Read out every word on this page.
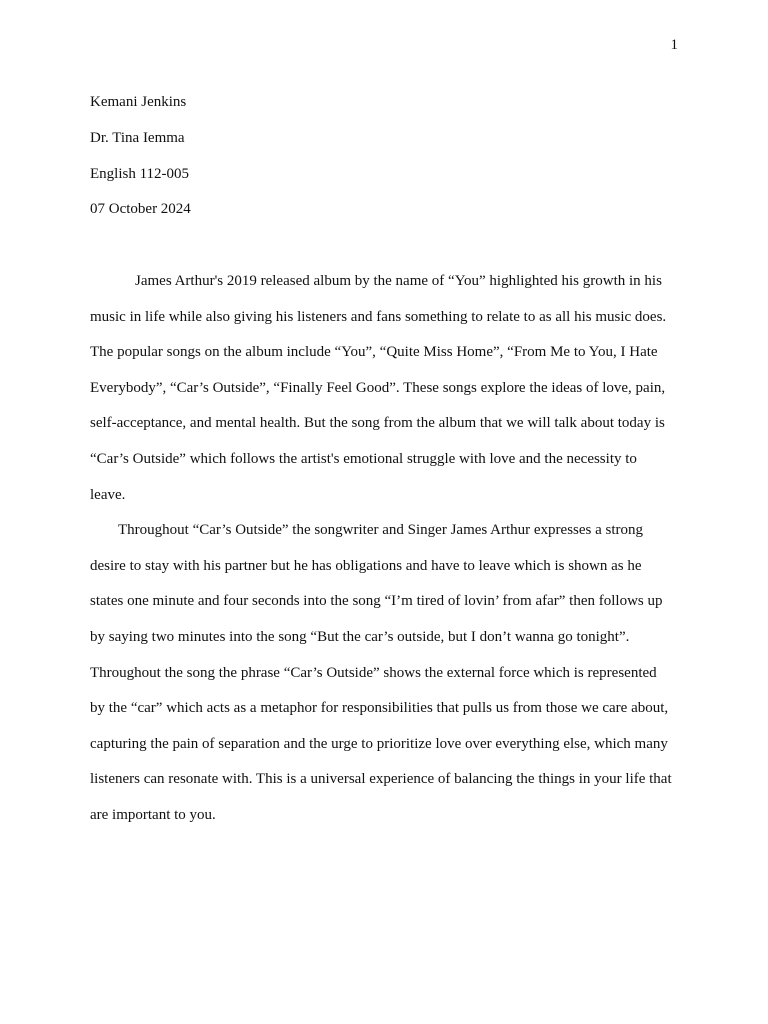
1
Kemani Jenkins
Dr. Tina Iemma
English 112-005
07 October 2024
James Arthur's 2019 released album by the name of “You” highlighted his growth in his
music in life while also giving his listeners and fans something to relate to as all his music does.
The popular songs on the album include “You”, “Quite Miss Home”, “From Me to You, I Hate
Everybody”, “Car’s Outside”, “Finally Feel Good”. These songs explore the ideas of love, pain,
self-acceptance, and mental health. But the song from the album that we will talk about today is
“Car’s Outside” which follows the artist's emotional struggle with love and the necessity to
leave.
Throughout “Car’s Outside” the songwriter and Singer James Arthur expresses a strong
desire to stay with his partner but he has obligations and have to leave which is shown as he
states one minute and four seconds into the song “I’m tired of lovin’ from afar” then follows up
by saying two minutes into the song “But the car’s outside, but I don’t wanna go tonight”.
Throughout the song the phrase “Car’s Outside” shows the external force which is represented
by the “car” which acts as a metaphor for responsibilities that pulls us from those we care about,
capturing the pain of separation and the urge to prioritize love over everything else, which many
listeners can resonate with. This is a universal experience of balancing the things in your life that
are important to you.
